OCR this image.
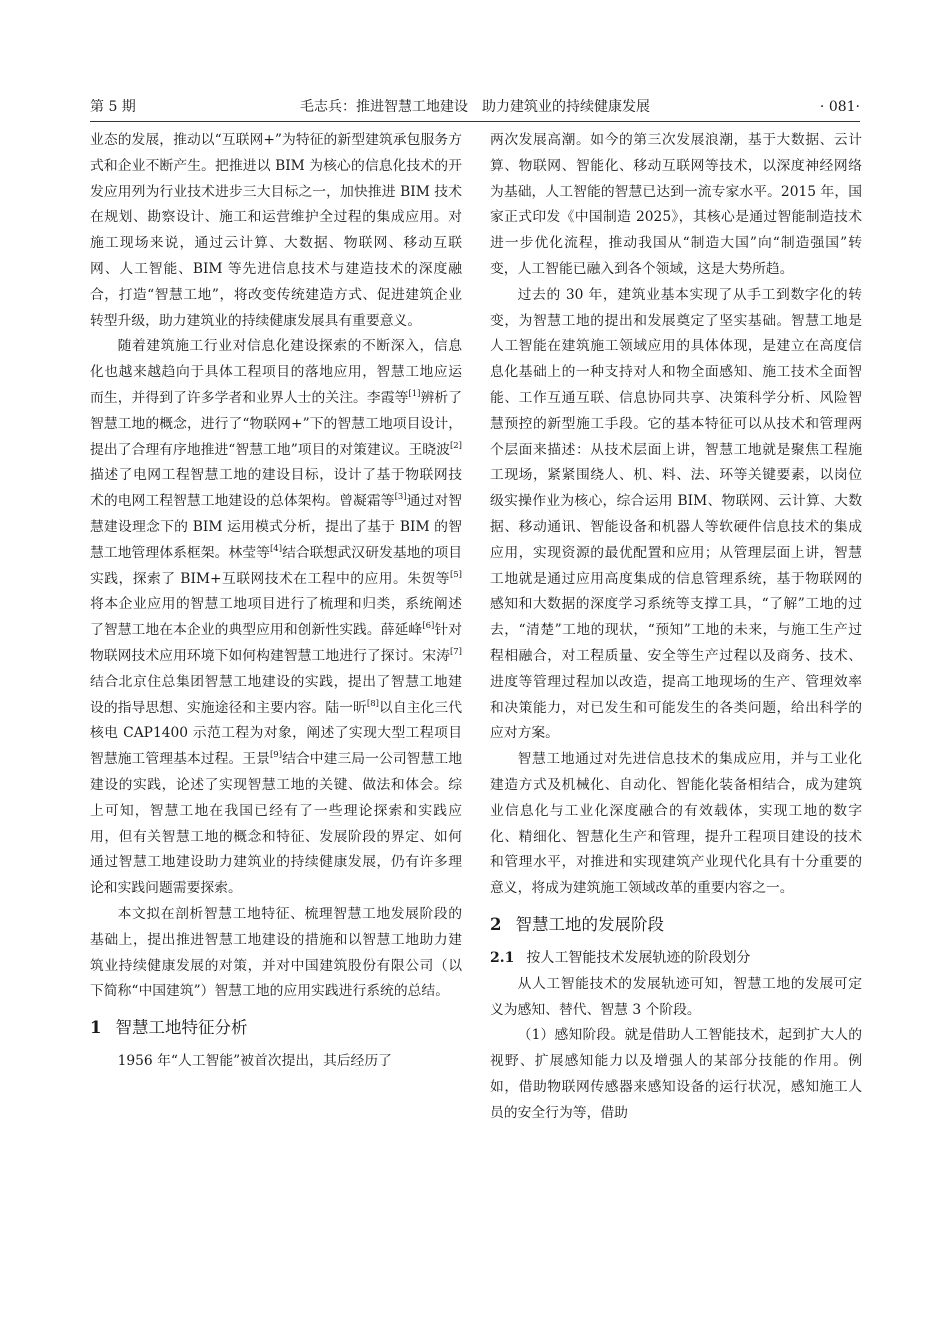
第 5 期	毛志兵：推进智慧工地建设　助力建筑业的持续健康发展	· 081·

业态的发展，推动以“互联网+”为特征的新型建筑承包服务方式和企业不断产生。把推进以 BIM 为核心的信息化技术的开发应用列为行业技术进步三大目标之一，加快推进 BIM 技术在规划、勘察设计、施工和运营维护全过程的集成应用。对施工现场来说，通过云计算、大数据、物联网、移动互联网、人工智能、BIM 等先进信息技术与建造技术的深度融合，打造“智慧工地”，将改变传统建造方式、促进建筑企业转型升级，助力建筑业的持续健康发展具有重要意义。

随着建筑施工行业对信息化建设探索的不断深入，信息化也越来越趋向于具体工程项目的落地应用，智慧工地应运而生，并得到了许多学者和业界人士的关注。李霞等[1]辨析了智慧工地的概念，进行了“物联网+”下的智慧工地项目设计，提出了合理有序地推进“智慧工地”项目的对策建议。王晓波[2]描述了电网工程智慧工地的建设目标，设计了基于物联网技术的电网工程智慧工地建设的总体架构。曾凝霜等[3]通过对智慧建设理念下的 BIM 运用模式分析，提出了基于 BIM 的智慧工地管理体系框架。林莹等[4]结合联想武汉研发基地的项目实践，探索了 BIM+互联网技术在工程中的应用。朱贺等[5]将本企业应用的智慧工地项目进行了梳理和归类，系统阐述了智慧工地在本企业的典型应用和创新性实践。薛延峰[6]针对物联网技术应用环境下如何构建智慧工地进行了探讨。宋涛[7]结合北京住总集团智慧工地建设的实践，提出了智慧工地建设的指导思想、实施途径和主要内容。陆一昕[8]以自主化三代核电 CAP1400 示范工程为对象，阐述了实现大型工程项目智慧施工管理基本过程。王景[9]结合中建三局一公司智慧工地建设的实践，论述了实现智慧工地的关键、做法和体会。综上可知，智慧工地在我国已经有了一些理论探索和实践应用，但有关智慧工地的概念和特征、发展阶段的界定、如何通过智慧工地建设助力建筑业的持续健康发展，仍有许多理论和实践问题需要探索。

本文拟在剖析智慧工地特征、梳理智慧工地发展阶段的基础上，提出推进智慧工地建设的措施和以智慧工地助力建筑业持续健康发展的对策，并对中国建筑股份有限公司（以下简称“中国建筑”）智慧工地的应用实践进行系统的总结。

1 智慧工地特征分析

1956 年“人工智能”被首次提出，其后经历了

两次发展高潮。如今的第三次发展浪潮，基于大数据、云计算、物联网、智能化、移动互联网等技术，以深度神经网络为基础，人工智能的智慧已达到一流专家水平。2015 年，国家正式印发《中国制造 2025》，其核心是通过智能制造技术进一步优化流程，推动我国从“制造大国”向“制造强国”转变，人工智能已融入到各个领域，这是大势所趋。

过去的 30 年，建筑业基本实现了从手工到数字化的转变，为智慧工地的提出和发展奠定了坚实基础。智慧工地是人工智能在建筑施工领域应用的具体体现，是建立在高度信息化基础上的一种支持对人和物全面感知、施工技术全面智能、工作互通互联、信息协同共享、决策科学分析、风险智慧预控的新型施工手段。它的基本特征可以从技术和管理两个层面来描述：从技术层面上讲，智慧工地就是聚焦工程施工现场，紧紧围绕人、机、料、法、环等关键要素，以岗位级实操作业为核心，综合运用 BIM、物联网、云计算、大数据、移动通讯、智能设备和机器人等软硬件信息技术的集成应用，实现资源的最优配置和应用；从管理层面上讲，智慧工地就是通过应用高度集成的信息管理系统，基于物联网的感知和大数据的深度学习系统等支撑工具，“了解”工地的过去，“清楚”工地的现状，“预知”工地的未来，与施工生产过程相融合，对工程质量、安全等生产过程以及商务、技术、进度等管理过程加以改造，提高工地现场的生产、管理效率和决策能力，对已发生和可能发生的各类问题，给出科学的应对方案。

智慧工地通过对先进信息技术的集成应用，并与工业化建造方式及机械化、自动化、智能化装备相结合，成为建筑业信息化与工业化深度融合的有效载体，实现工地的数字化、精细化、智慧化生产和管理，提升工程项目建设的技术和管理水平，对推进和实现建筑产业现代化具有十分重要的意义，将成为建筑施工领域改革的重要内容之一。

2 智慧工地的发展阶段
2.1 按人工智能技术发展轨迹的阶段划分

从人工智能技术的发展轨迹可知，智慧工地的发展可定义为感知、替代、智慧 3 个阶段。

（1）感知阶段。就是借助人工智能技术，起到扩大人的视野、扩展感知能力以及增强人的某部分技能的作用。例如，借助物联网传感器来感知设备的运行状况，感知施工人员的安全行为等，借助
